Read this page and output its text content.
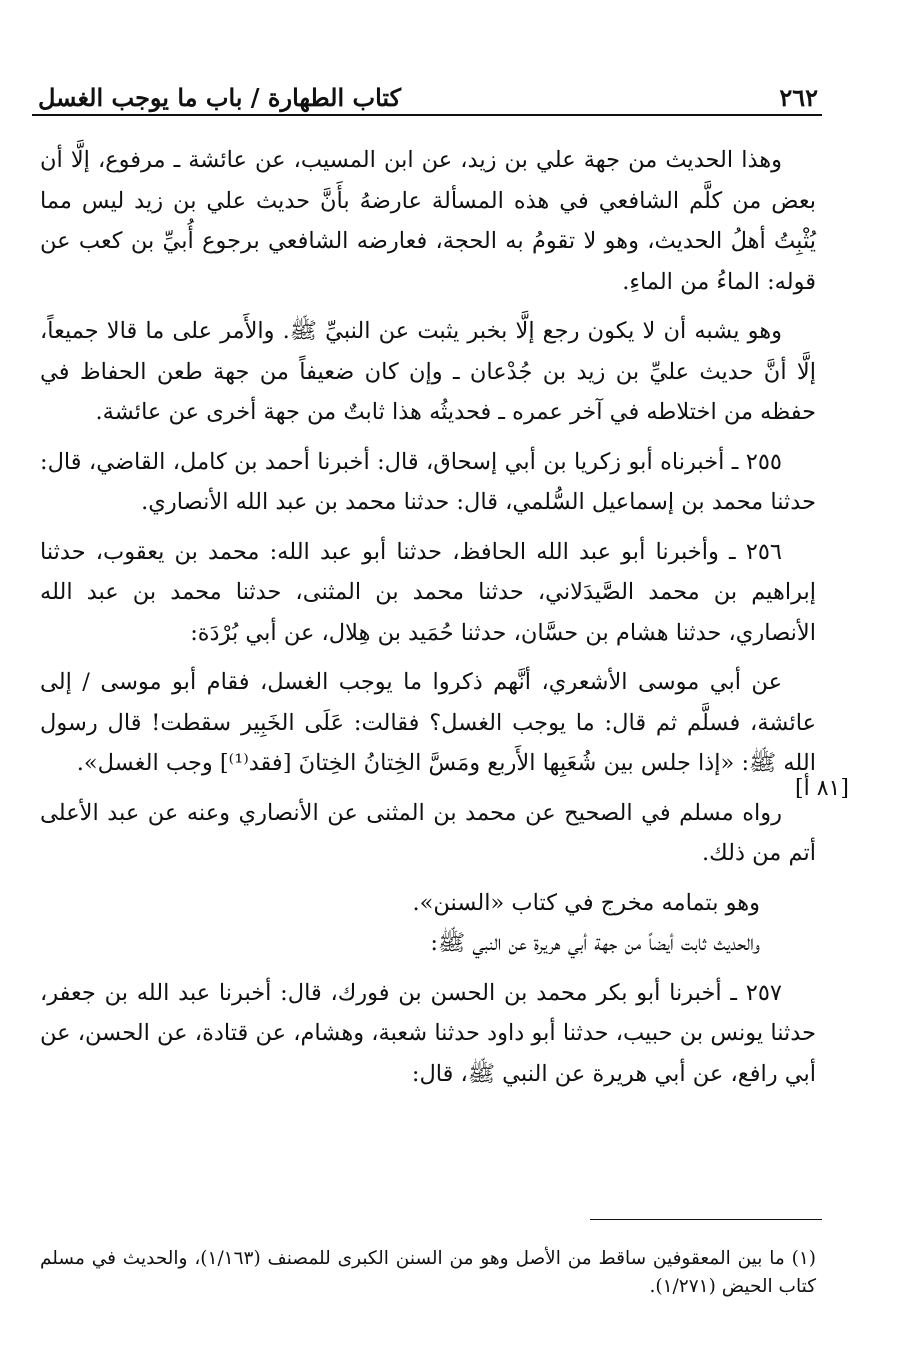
٢٦٢
كتاب الطهارة / باب ما يوجب الغسل

وهذا الحديث من جهة علي بن زيد، عن ابن المسيب، عن عائشة ـ مرفوع، إلَّا أن بعض من كلَّم الشافعي في هذه المسألة عارضهُ بأَنَّ حديث علي بن زيد ليس مما يُثْبِتُ أهلُ الحديث، وهو لا تقومُ به الحجة، فعارضه الشافعي برجوع أُبيِّ بن كعب عن قوله: الماءُ من الماءِ.

وهو يشبه أن لا يكون رجع إلَّا بخبر يثبت عن النبيِّ ﷺ. والأَمر على ما قالا جميعاً، إلَّا أنَّ حديث عليِّ بن زيد بن جُدْعان ـ وإن كان ضعيفاً من جهة طعن الحفاظ في حفظه من اختلاطه في آخر عمره ـ فحديثُه هذا ثابتٌ من جهة أخرى عن عائشة.

٢٥٥ ـ أخبرناه أبو زكريا بن أبي إسحاق، قال: أخبرنا أحمد بن كامل، القاضي، قال: حدثنا محمد بن إسماعيل السُّلمي، قال: حدثنا محمد بن عبد الله الأنصاري.

٢٥٦ ـ وأخبرنا أبو عبد الله الحافظ، حدثنا أبو عبد الله: محمد بن يعقوب، حدثنا إبراهيم بن محمد الصَّيدَلاني، حدثنا محمد بن المثنى، حدثنا محمد بن عبد الله الأنصاري، حدثنا هشام بن حسَّان، حدثنا حُمَيد بن هِلال، عن أبي بُرْدَة:

عن أبي موسى الأشعري، أنَّهم ذكروا ما يوجب الغسل، فقام أبو موسى / إلى عائشة، فسلَّم ثم قال: ما يوجب الغسل؟ فقالت: عَلَى الخَبِير سقطت! قال رسول الله ﷺ: «إذا جلس بين شُعَبِها الأَربع ومَسَّ الخِتانُ الخِتانَ [فقد⁽¹⁾] وجب الغسل».

رواه مسلم في الصحيح عن محمد بن المثنى عن الأنصاري وعنه عن عبد الأعلى أتم من ذلك.

وهو بتمامه مخرج في كتاب «السنن».

والحديث ثابت أيضاً من جهة أبي هريرة عن النبي ﷺ:

٢٥٧ ـ أخبرنا أبو بكر محمد بن الحسن بن فورك، قال: أخبرنا عبد الله بن جعفر، حدثنا يونس بن حبيب، حدثنا أبو داود حدثنا شعبة، وهشام، عن قتادة، عن الحسن، عن أبي رافع، عن أبي هريرة عن النبي ﷺ، قال:

[٨١ أ]
(١) ما بين المعقوفين ساقط من الأصل وهو من السنن الكبرى للمصنف (١/١٦٣)، والحديث في مسلم كتاب الحيض (١/٢٧١).
